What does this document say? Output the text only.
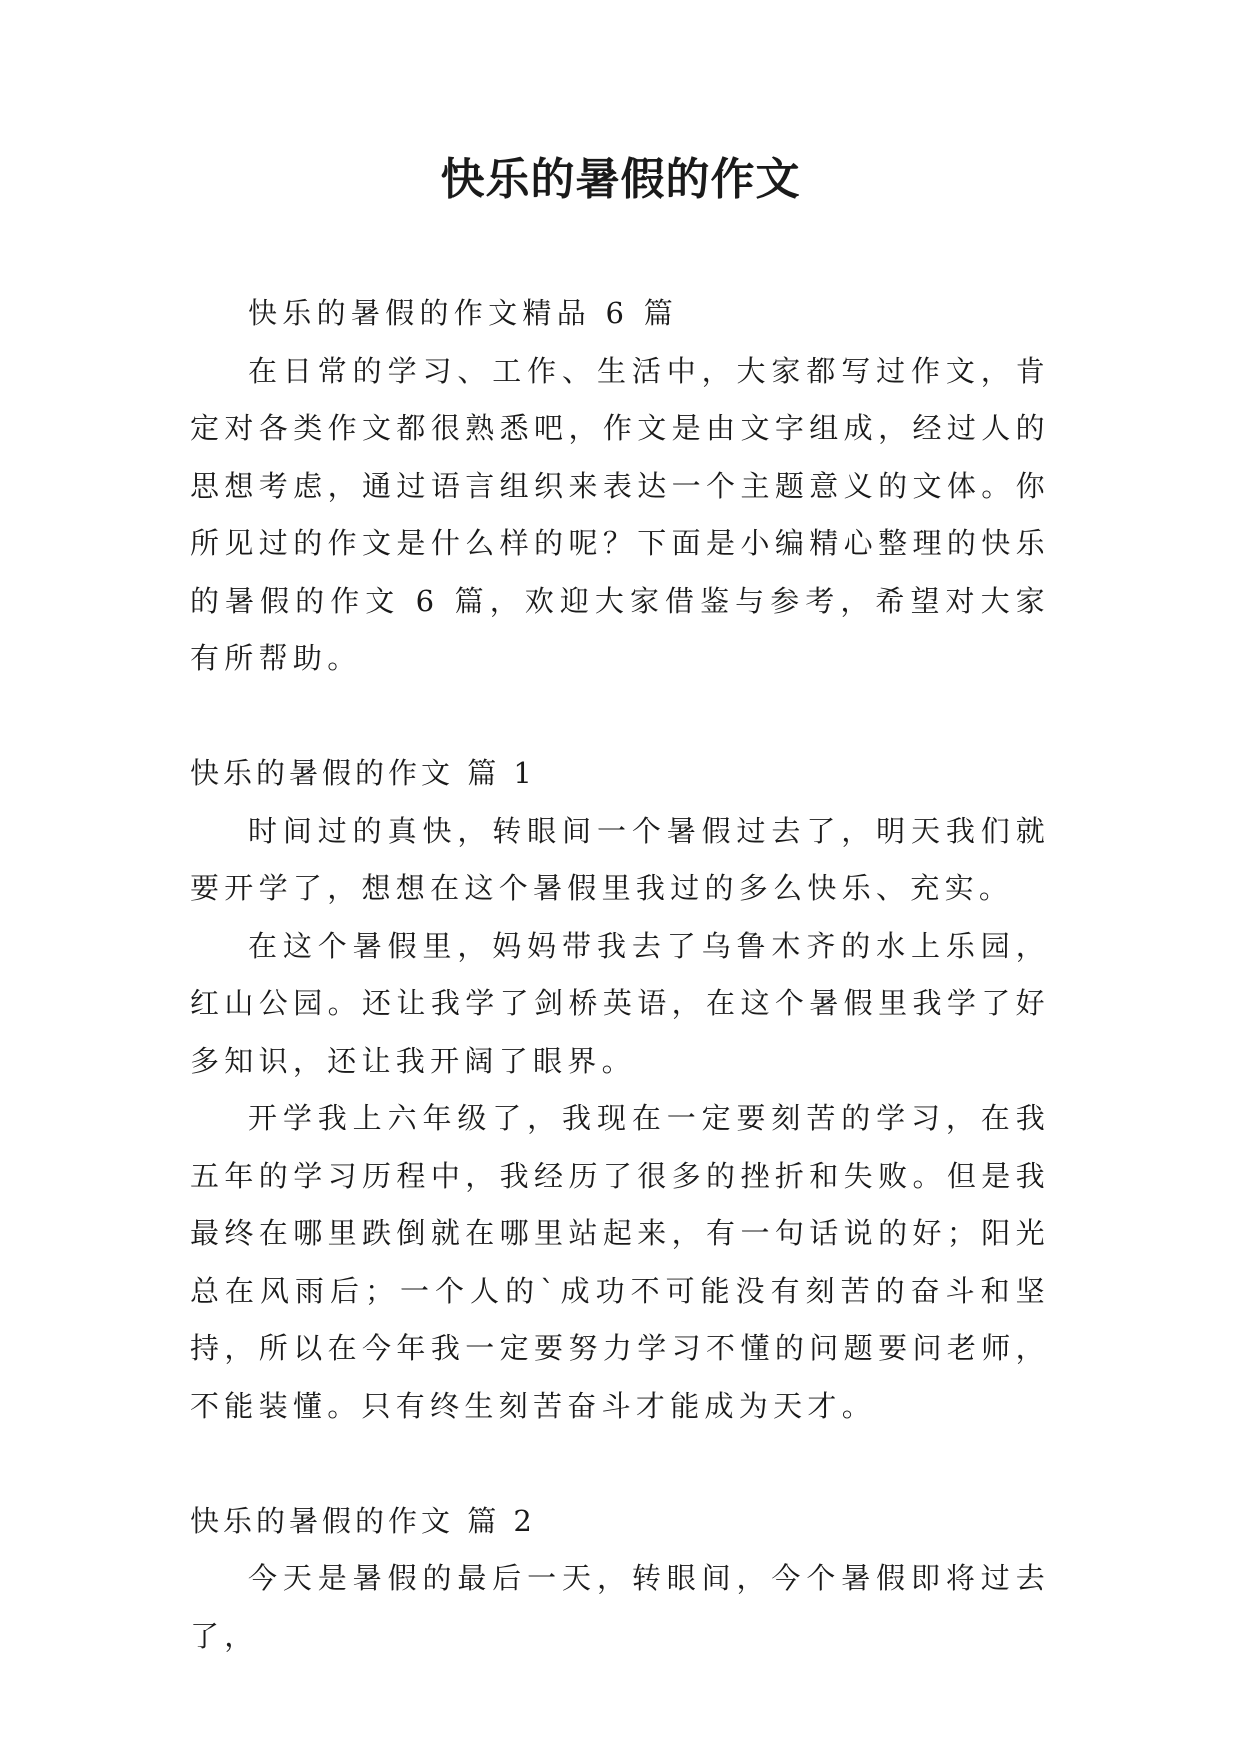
快乐的暑假的作文

快乐的暑假的作文精品 6 篇

在日常的学习、工作、生活中，大家都写过作文，肯定对各类作文都很熟悉吧，作文是由文字组成，经过人的思想考虑，通过语言组织来表达一个主题意义的文体。你所见过的作文是什么样的呢？下面是小编精心整理的快乐的暑假的作文 6 篇，欢迎大家借鉴与参考，希望对大家有所帮助。

快乐的暑假的作文 篇 1

时间过的真快，转眼间一个暑假过去了，明天我们就要开学了，想想在这个暑假里我过的多么快乐、充实。

在这个暑假里，妈妈带我去了乌鲁木齐的水上乐园，红山公园。还让我学了剑桥英语，在这个暑假里我学了好多知识，还让我开阔了眼界。

开学我上六年级了，我现在一定要刻苦的学习，在我五年的学习历程中，我经历了很多的挫折和失败。但是我最终在哪里跌倒就在哪里站起来，有一句话说的好；阳光总在风雨后；一个人的`成功不可能没有刻苦的奋斗和坚持，所以在今年我一定要努力学习不懂的问题要问老师，不能装懂。只有终生刻苦奋斗才能成为天才。

快乐的暑假的作文 篇 2

今天是暑假的最后一天，转眼间，今个暑假即将过去了，
